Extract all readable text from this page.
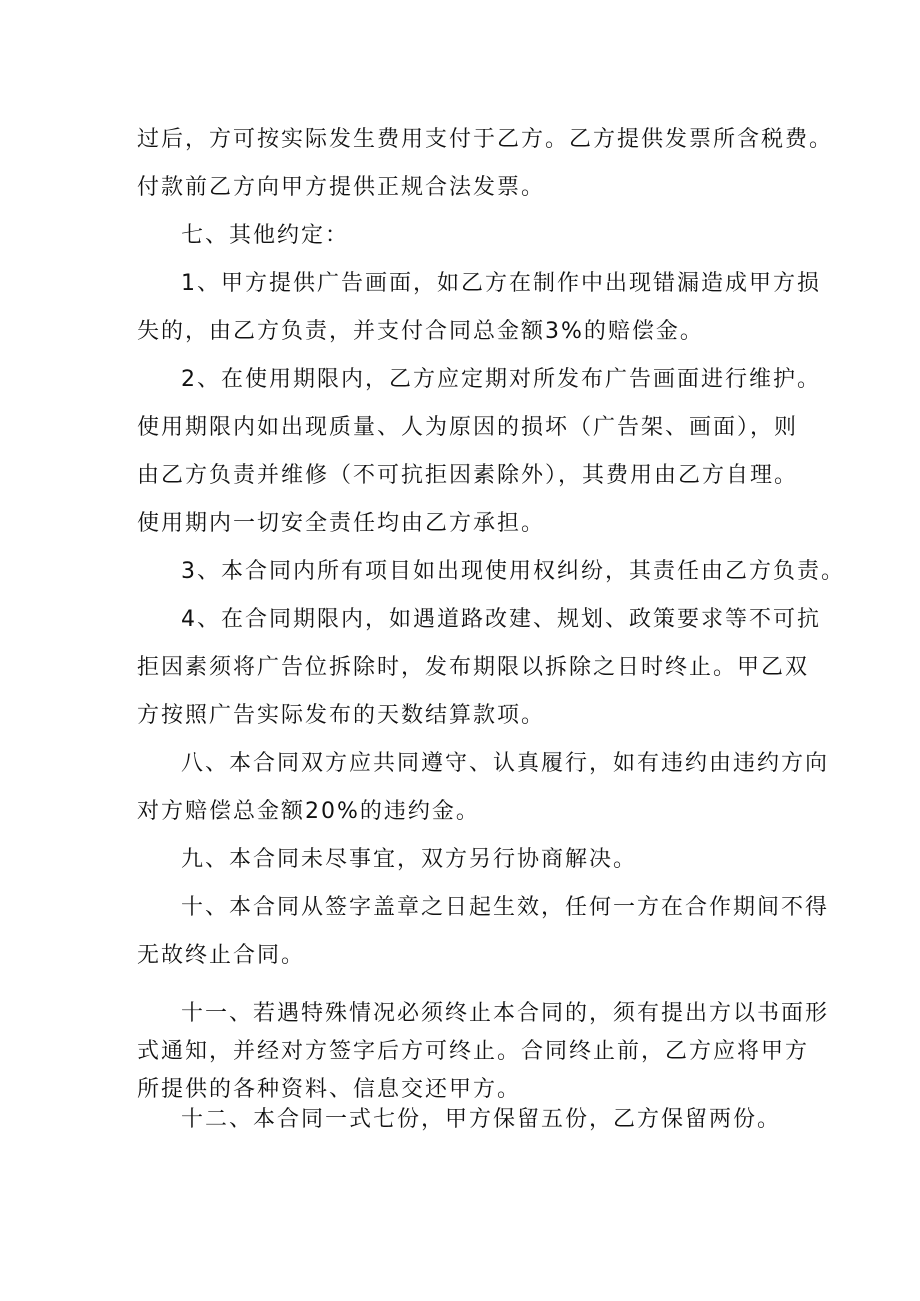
过后，方可按实际发生费用支付于乙方。乙方提供发票所含税费。
付款前乙方向甲方提供正规合法发票。
七、其他约定：
1、甲方提供广告画面，如乙方在制作中出现错漏造成甲方损
失的，由乙方负责，并支付合同总金额3%的赔偿金。
2、在使用期限内，乙方应定期对所发布广告画面进行维护。
使用期限内如出现质量、人为原因的损坏（广告架、画面），则
由乙方负责并维修（不可抗拒因素除外），其费用由乙方自理。
使用期内一切安全责任均由乙方承担。
3、本合同内所有项目如出现使用权纠纷，其责任由乙方负责。
4、在合同期限内，如遇道路改建、规划、政策要求等不可抗
拒因素须将广告位拆除时，发布期限以拆除之日时终止。甲乙双
方按照广告实际发布的天数结算款项。
八、本合同双方应共同遵守、认真履行，如有违约由违约方向
对方赔偿总金额20%的违约金。
九、本合同未尽事宜，双方另行协商解决。
十、本合同从签字盖章之日起生效，任何一方在合作期间不得
无故终止合同。
十一、若遇特殊情况必须终止本合同的，须有提出方以书面形
式通知，并经对方签字后方可终止。合同终止前，乙方应将甲方
所提供的各种资料、信息交还甲方。
十二、本合同一式七份，甲方保留五份，乙方保留两份。
